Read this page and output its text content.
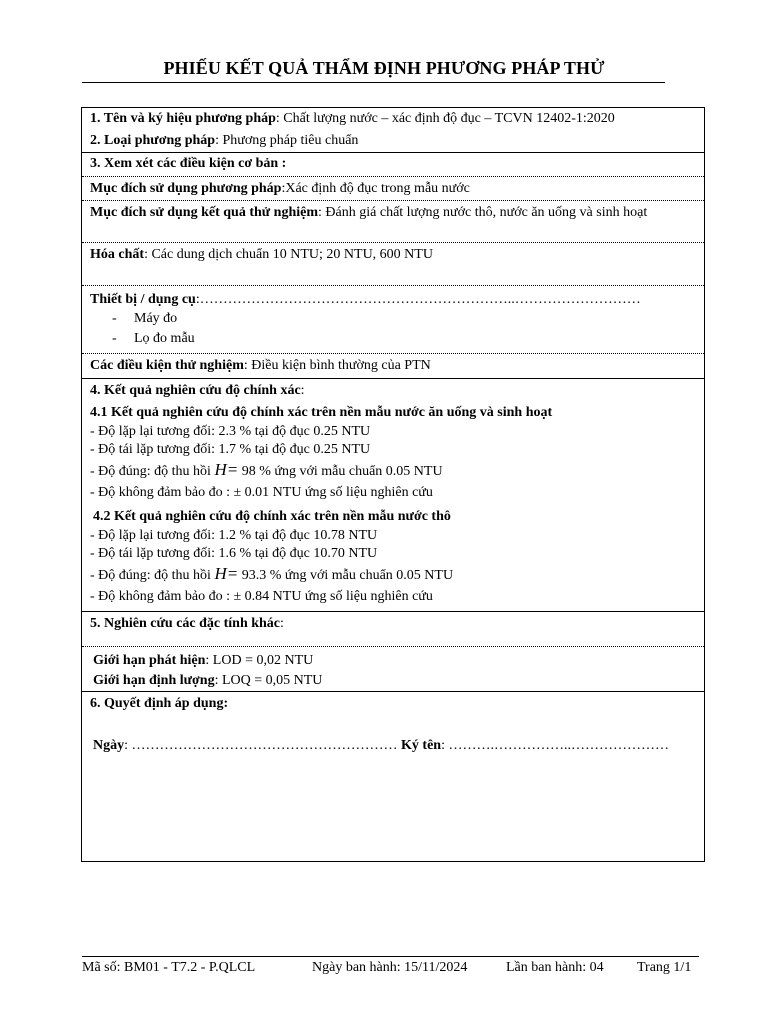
PHIẾU KẾT QUẢ THẨM ĐỊNH PHƯƠNG PHÁP THỬ
1. Tên và ký hiệu phương pháp: Chất lượng nước – xác định độ đục – TCVN 12402-1:2020
2. Loại phương pháp: Phương pháp tiêu chuẩn
3. Xem xét các điều kiện cơ bản :
Mục đích sử dụng phương pháp:Xác định độ đục trong mẫu nước
Mục đích sử dụng kết quả thử nghiệm: Đánh giá chất lượng nước thô, nước ăn uống và sinh hoạt
Hóa chất: Các dung dịch chuẩn 10 NTU; 20 NTU, 600 NTU
Thiết bị / dụng cụ:…………………………………………………………..………………………
- Máy đo
- Lọ đo mẫu
Các điều kiện thử nghiệm: Điều kiện bình thường của PTN
4. Kết quả nghiên cứu độ chính xác:
4.1 Kết quả nghiên cứu độ chính xác trên nền mẫu nước ăn uống và sinh hoạt
- Độ lặp lại tương đối: 2.3 % tại độ đục 0.25 NTU
- Độ tái lặp tương đối: 1.7 % tại độ đục 0.25 NTU
- Độ đúng: độ thu hồi H= 98 % ứng với mẫu chuẩn 0.05 NTU
- Độ không đảm bảo đo : ± 0.01 NTU ứng số liệu nghiên cứu
4.2 Kết quả nghiên cứu độ chính xác trên nền mẫu nước thô
- Độ lặp lại tương đối: 1.2 % tại độ đục 10.78 NTU
- Độ tái lặp tương đối: 1.6 % tại độ đục 10.70 NTU
- Độ đúng: độ thu hồi H= 93.3 % ứng với mẫu chuẩn 0.05 NTU
- Độ không đảm bảo đo : ± 0.84 NTU ứng số liệu nghiên cứu
5. Nghiên cứu các đặc tính khác:
Giới hạn phát hiện: LOD = 0,02 NTU
Giới hạn định lượng: LOQ = 0,05 NTU
6. Quyết định áp dụng:
Ngày: ………………………………………………… Ký tên: ……….……………..…………………
Mã số: BM01 - T7.2 - P.QLCL	Ngày ban hành: 15/11/2024	Lần ban hành: 04 Trang 1/1
